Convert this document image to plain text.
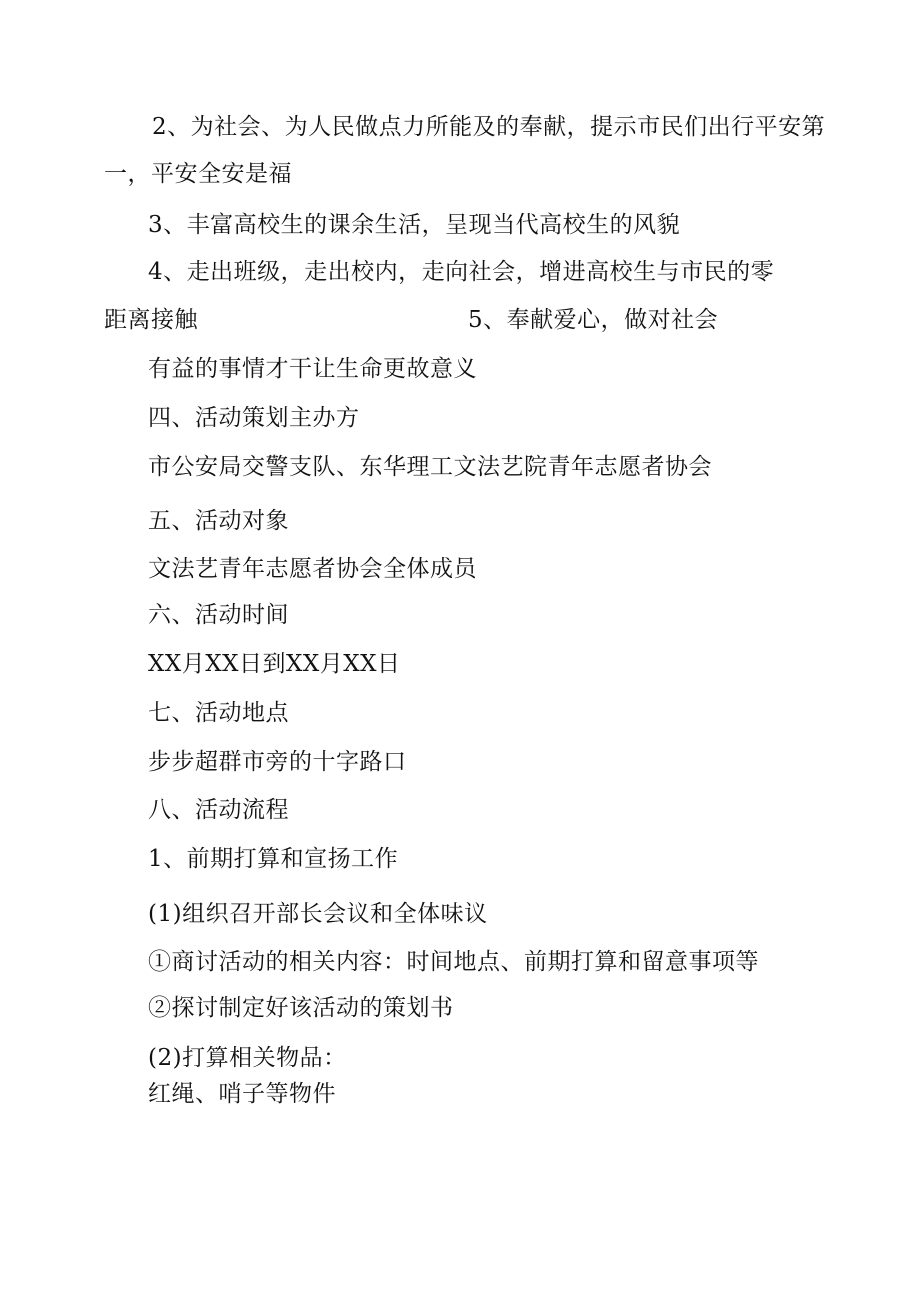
2、为社会、为人民做点力所能及的奉献，提示市民们出行平安第
一，平安全安是福
3、丰富高校生的课余生活，呈现当代高校生的风貌
4、走出班级，走出校内，走向社会，增进高校生与市民的零
距离接触	5、奉献爱心，做对社会
有益的事情才干让生命更故意义
四、活动策划主办方
市公安局交警支队、东华理工文法艺院青年志愿者协会
五、活动对象
文法艺青年志愿者协会全体成员
六、活动时间
XX月XX日到XX月XX日
七、活动地点
步步超群市旁的十字路口
八、活动流程
1、前期打算和宣扬工作
(1)组织召开部长会议和全体味议
①商讨活动的相关内容：时间地点、前期打算和留意事项等
②探讨制定好该活动的策划书
(2)打算相关物品：
红绳、哨子等物件
